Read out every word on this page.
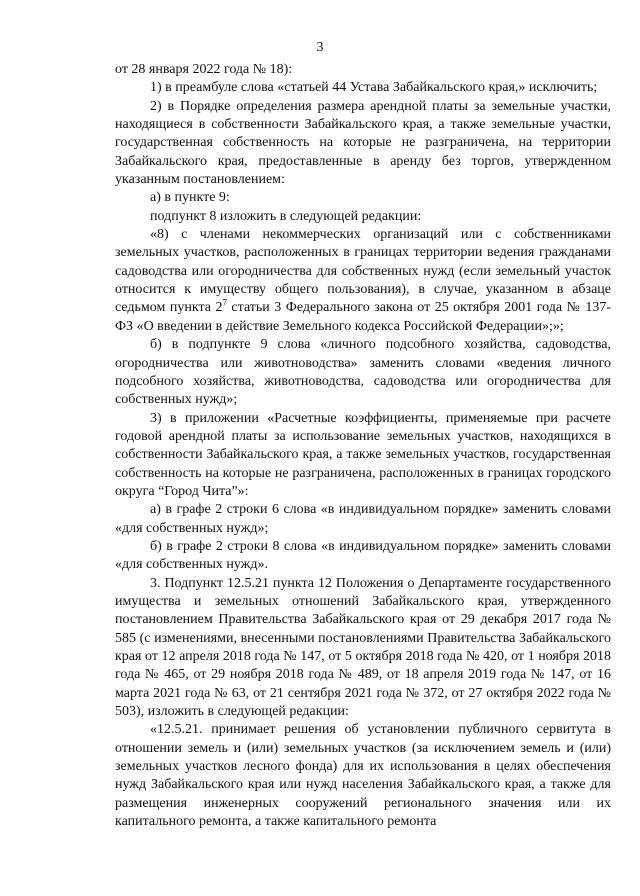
3

от 28 января 2022 года № 18):

1) в преамбуле слова «статьей 44 Устава Забайкальского края,» исключить;

2) в Порядке определения размера арендной платы за земельные участки, находящиеся в собственности Забайкальского края, а также земельные участки, государственная собственность на которые не разграничена, на территории Забайкальского края, предоставленные в аренду без торгов, утвержденном указанным постановлением:

а) в пункте 9:

подпункт 8 изложить в следующей редакции:

«8) с членами некоммерческих организаций или с собственниками земельных участков, расположенных в границах территории ведения гражданами садоводства или огородничества для собственных нужд (если земельный участок относится к имуществу общего пользования), в случае, указанном в абзаце седьмом пункта $2^7$ статьи 3 Федерального закона от 25 октября 2001 года № 137-ФЗ «О введении в действие Земельного кодекса Российской Федерации»;»;

б) в подпункте 9 слова «личного подсобного хозяйства, садоводства, огородничества или животноводства» заменить словами «ведения личного подсобного хозяйства, животноводства, садоводства или огородничества для собственных нужд»;

3) в приложении «Расчетные коэффициенты, применяемые при расчете годовой арендной платы за использование земельных участков, находящихся в собственности Забайкальского края, а также земельных участков, государственная собственность на которые не разграничена, расположенных в границах городского округа “Город Чита”»:

а) в графе 2 строки 6 слова «в индивидуальном порядке» заменить словами «для собственных нужд»;

б) в графе 2 строки 8 слова «в индивидуальном порядке» заменить словами «для собственных нужд».

3. Подпункт 12.5.21 пункта 12 Положения о Департаменте государственного имущества и земельных отношений Забайкальского края, утвержденного постановлением Правительства Забайкальского края от 29 декабря 2017 года № 585 (с изменениями, внесенными постановлениями Правительства Забайкальского края от 12 апреля 2018 года № 147, от 5 октября 2018 года № 420, от 1 ноября 2018 года № 465, от 29 ноября 2018 года № 489, от 18 апреля 2019 года № 147, от 16 марта 2021 года № 63, от 21 сентября 2021 года № 372, от 27 октября 2022 года № 503), изложить в следующей редакции:

«12.5.21. принимает решения об установлении публичного сервитута в отношении земель и (или) земельных участков (за исключением земель и (или) земельных участков лесного фонда) для их использования в целях обеспечения нужд Забайкальского края или нужд населения Забайкальского края, а также для размещения инженерных сооружений регионального значения или их капитального ремонта, а также капитального ремонта
